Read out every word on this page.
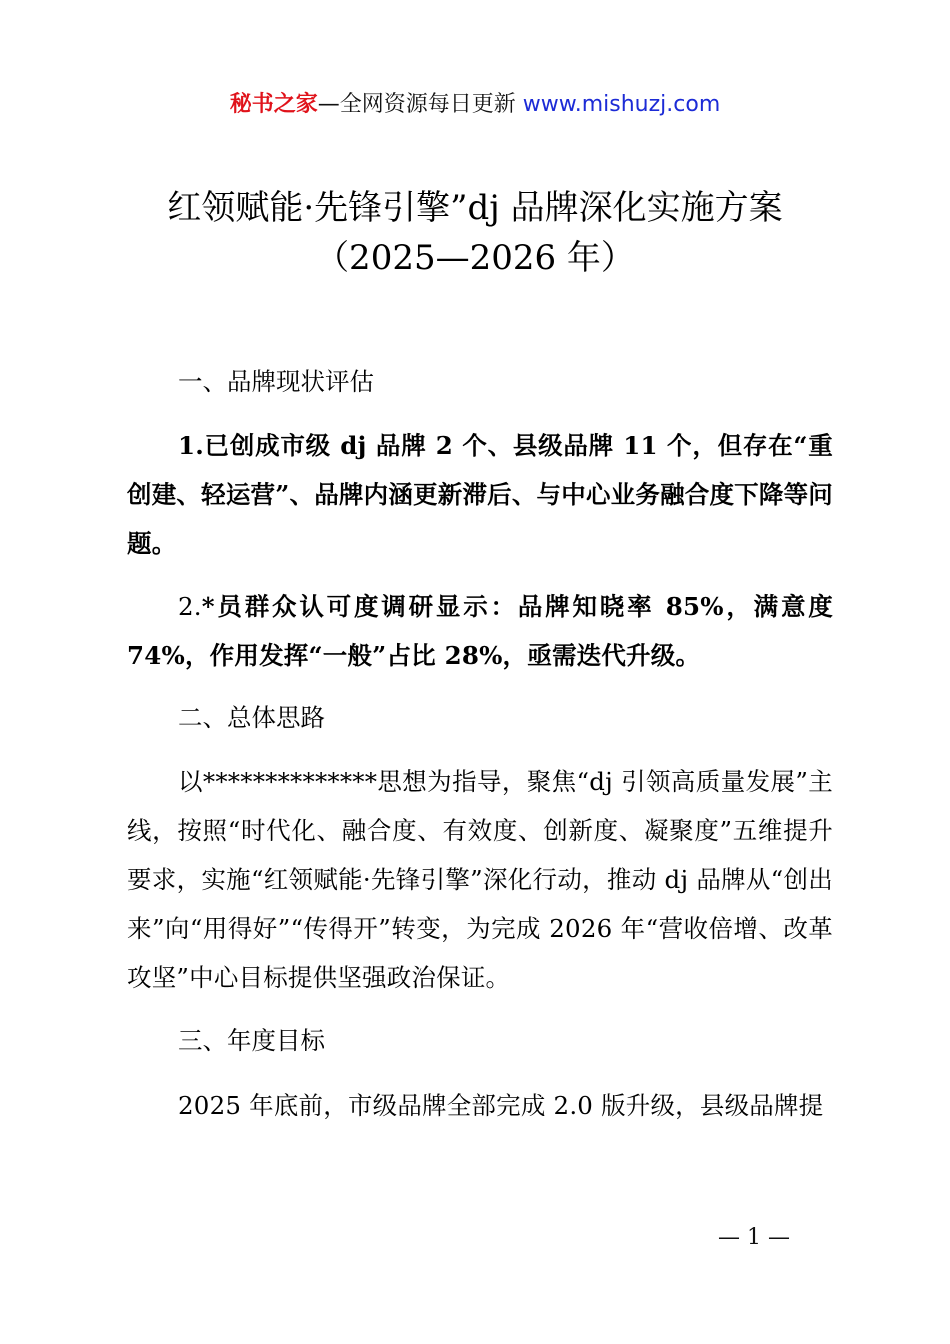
秘书之家—全网资源每日更新 www.mishuzj.com
红领赋能·先锋引擎”dj 品牌深化实施方案
（2025—2026 年）
一、品牌现状评估
1.已创成市级 dj 品牌 2 个、县级品牌 11 个，但存在“重创建、轻运营”、品牌内涵更新滞后、与中心业务融合度下降等问题。
2.*员群众认可度调研显示：品牌知晓率 85%，满意度 74%，作用发挥“一般”占比 28%，亟需迭代升级。
二、总体思路
以**************思想为指导，聚焦“dj 引领高质量发展”主线，按照“时代化、融合度、有效度、创新度、凝聚度”五维提升要求，实施“红领赋能·先锋引擎”深化行动，推动 dj 品牌从“创出来”向“用得好”“传得开”转变，为完成 2026 年“营收倍增、改革攻坚”中心目标提供坚强政治保证。
三、年度目标
2025 年底前，市级品牌全部完成 2.0 版升级，县级品牌提
— 1 —
